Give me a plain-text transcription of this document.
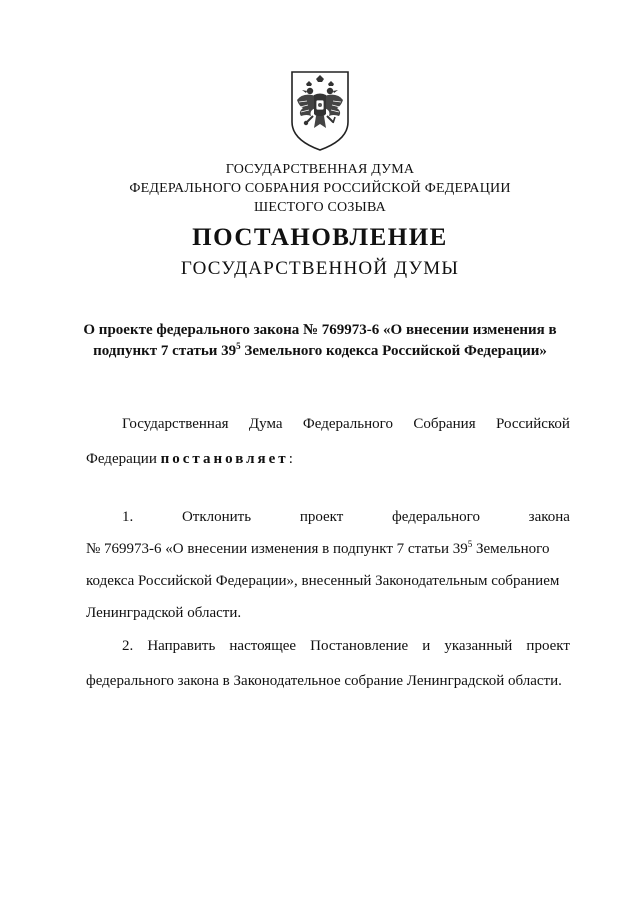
ГОСУДАРСТВЕННАЯ ДУМА
ФЕДЕРАЛЬНОГО СОБРАНИЯ РОССИЙСКОЙ ФЕДЕРАЦИИ
ШЕСТОГО СОЗЫВА
ПОСТАНОВЛЕНИЕ
ГОСУДАРСТВЕННОЙ ДУМЫ
О проекте федерального закона № 769973-6 «О внесении изменения в
подпункт 7 статьи $39^5$ Земельного кодекса Российской Федерации»
Государственная Дума Федерального Собрания Российской
Федерации постановляет:
1.	Отклонить	проект	федерального	закона
№ 769973-6 «О внесении изменения в подпункт 7 статьи $39^5$ Земельного
кодекса Российской Федерации», внесенный Законодательным собранием
Ленинградской области.
2. Направить настоящее Постановление и указанный проект
федерального закона в Законодательное собрание Ленинградской области.
